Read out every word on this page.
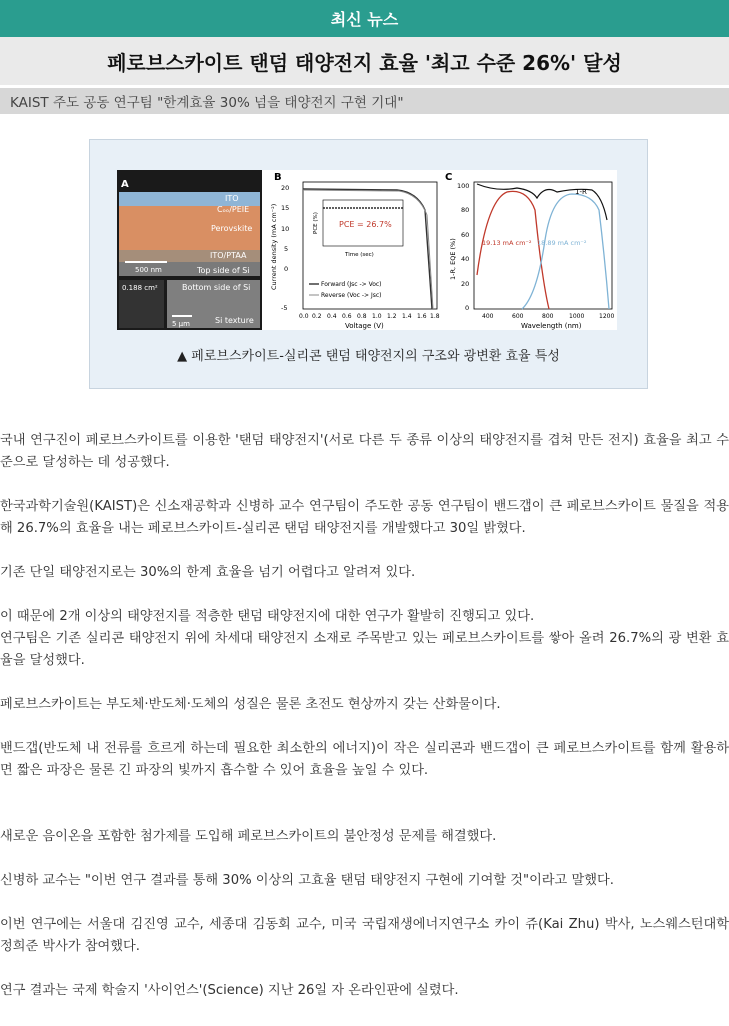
최신 뉴스
페로브스카이트 탠덤 태양전지 효율 '최고 수준 26%' 달성
KAIST 주도 공동 연구팀 "한계효율 30% 넘을 태양전지 구현 기대"
A
ITO
Cₒₒ/PEIE
Perovskite
ITO/PTAA
Top side of Si
Bottom side of Si
Si texture
500 nm
0.188 cm²
5 μm
B
20
15
10
5
0
-5
Current density (mA cm⁻²)
0.0 0.2 0.4 0.6 0.8 1.0 1.2 1.4 1.6 1.8
Voltage (V)
PCE = 26.7%
Time (sec)
PCE (%)
Forward (Jsc -> Voc)
Reverse (Voc -> Jsc)
C
100
80
60
40
20
0
1-R, EQE (%)
400	600	800	1000 1200
Wavelength (nm)
1-R
19.13 mA cm⁻² 18.89 mA cm⁻²
▲ 페로브스카이트-실리콘 탠덤 태양전지의 구조와 광변환 효율 특성

국내 연구진이 페로브스카이트를 이용한 '탠덤 태양전지'(서로 다른 두 종류 이상의 태양전지를 겹쳐 만든 전지) 효율을 최고 수준으로 달성하는 데 성공했다.

한국과학기술원(KAIST)은 신소재공학과 신병하 교수 연구팀이 주도한 공동 연구팀이 밴드갭이 큰 페로브스카이트 물질을 적용해 26.7%의 효율을 내는 페로브스카이트-실리콘 탠덤 태양전지를 개발했다고 30일 밝혔다.

기존 단일 태양전지로는 30%의 한계 효율을 넘기 어렵다고 알려져 있다.

이 때문에 2개 이상의 태양전지를 적층한 탠덤 태양전지에 대한 연구가 활발히 진행되고 있다.

연구팀은 기존 실리콘 태양전지 위에 차세대 태양전지 소재로 주목받고 있는 페로브스카이트를 쌓아 올려 26.7%의 광 변환 효율을 달성했다.

페로브스카이트는 부도체·반도체·도체의 성질은 물론 초전도 현상까지 갖는 산화물이다.

밴드갭(반도체 내 전류를 흐르게 하는데 필요한 최소한의 에너지)이 작은 실리콘과 밴드갭이 큰 페로브스카이트를 함께 활용하면 짧은 파장은 물론 긴 파장의 빛까지 흡수할 수 있어 효율을 높일 수 있다.

새로운 음이온을 포함한 첨가제를 도입해 페로브스카이트의 불안정성 문제를 해결했다.

신병하 교수는 "이번 연구 결과를 통해 30% 이상의 고효율 탠덤 태양전지 구현에 기여할 것"이라고 말했다.

이번 연구에는 서울대 김진영 교수, 세종대 김동회 교수, 미국 국립재생에너지연구소 카이 쥬(Kai Zhu) 박사, 노스웨스턴대학 정희준 박사가 참여했다.

연구 결과는 국제 학술지 '사이언스'(Science) 지난 26일 자 온라인판에 실렸다.
